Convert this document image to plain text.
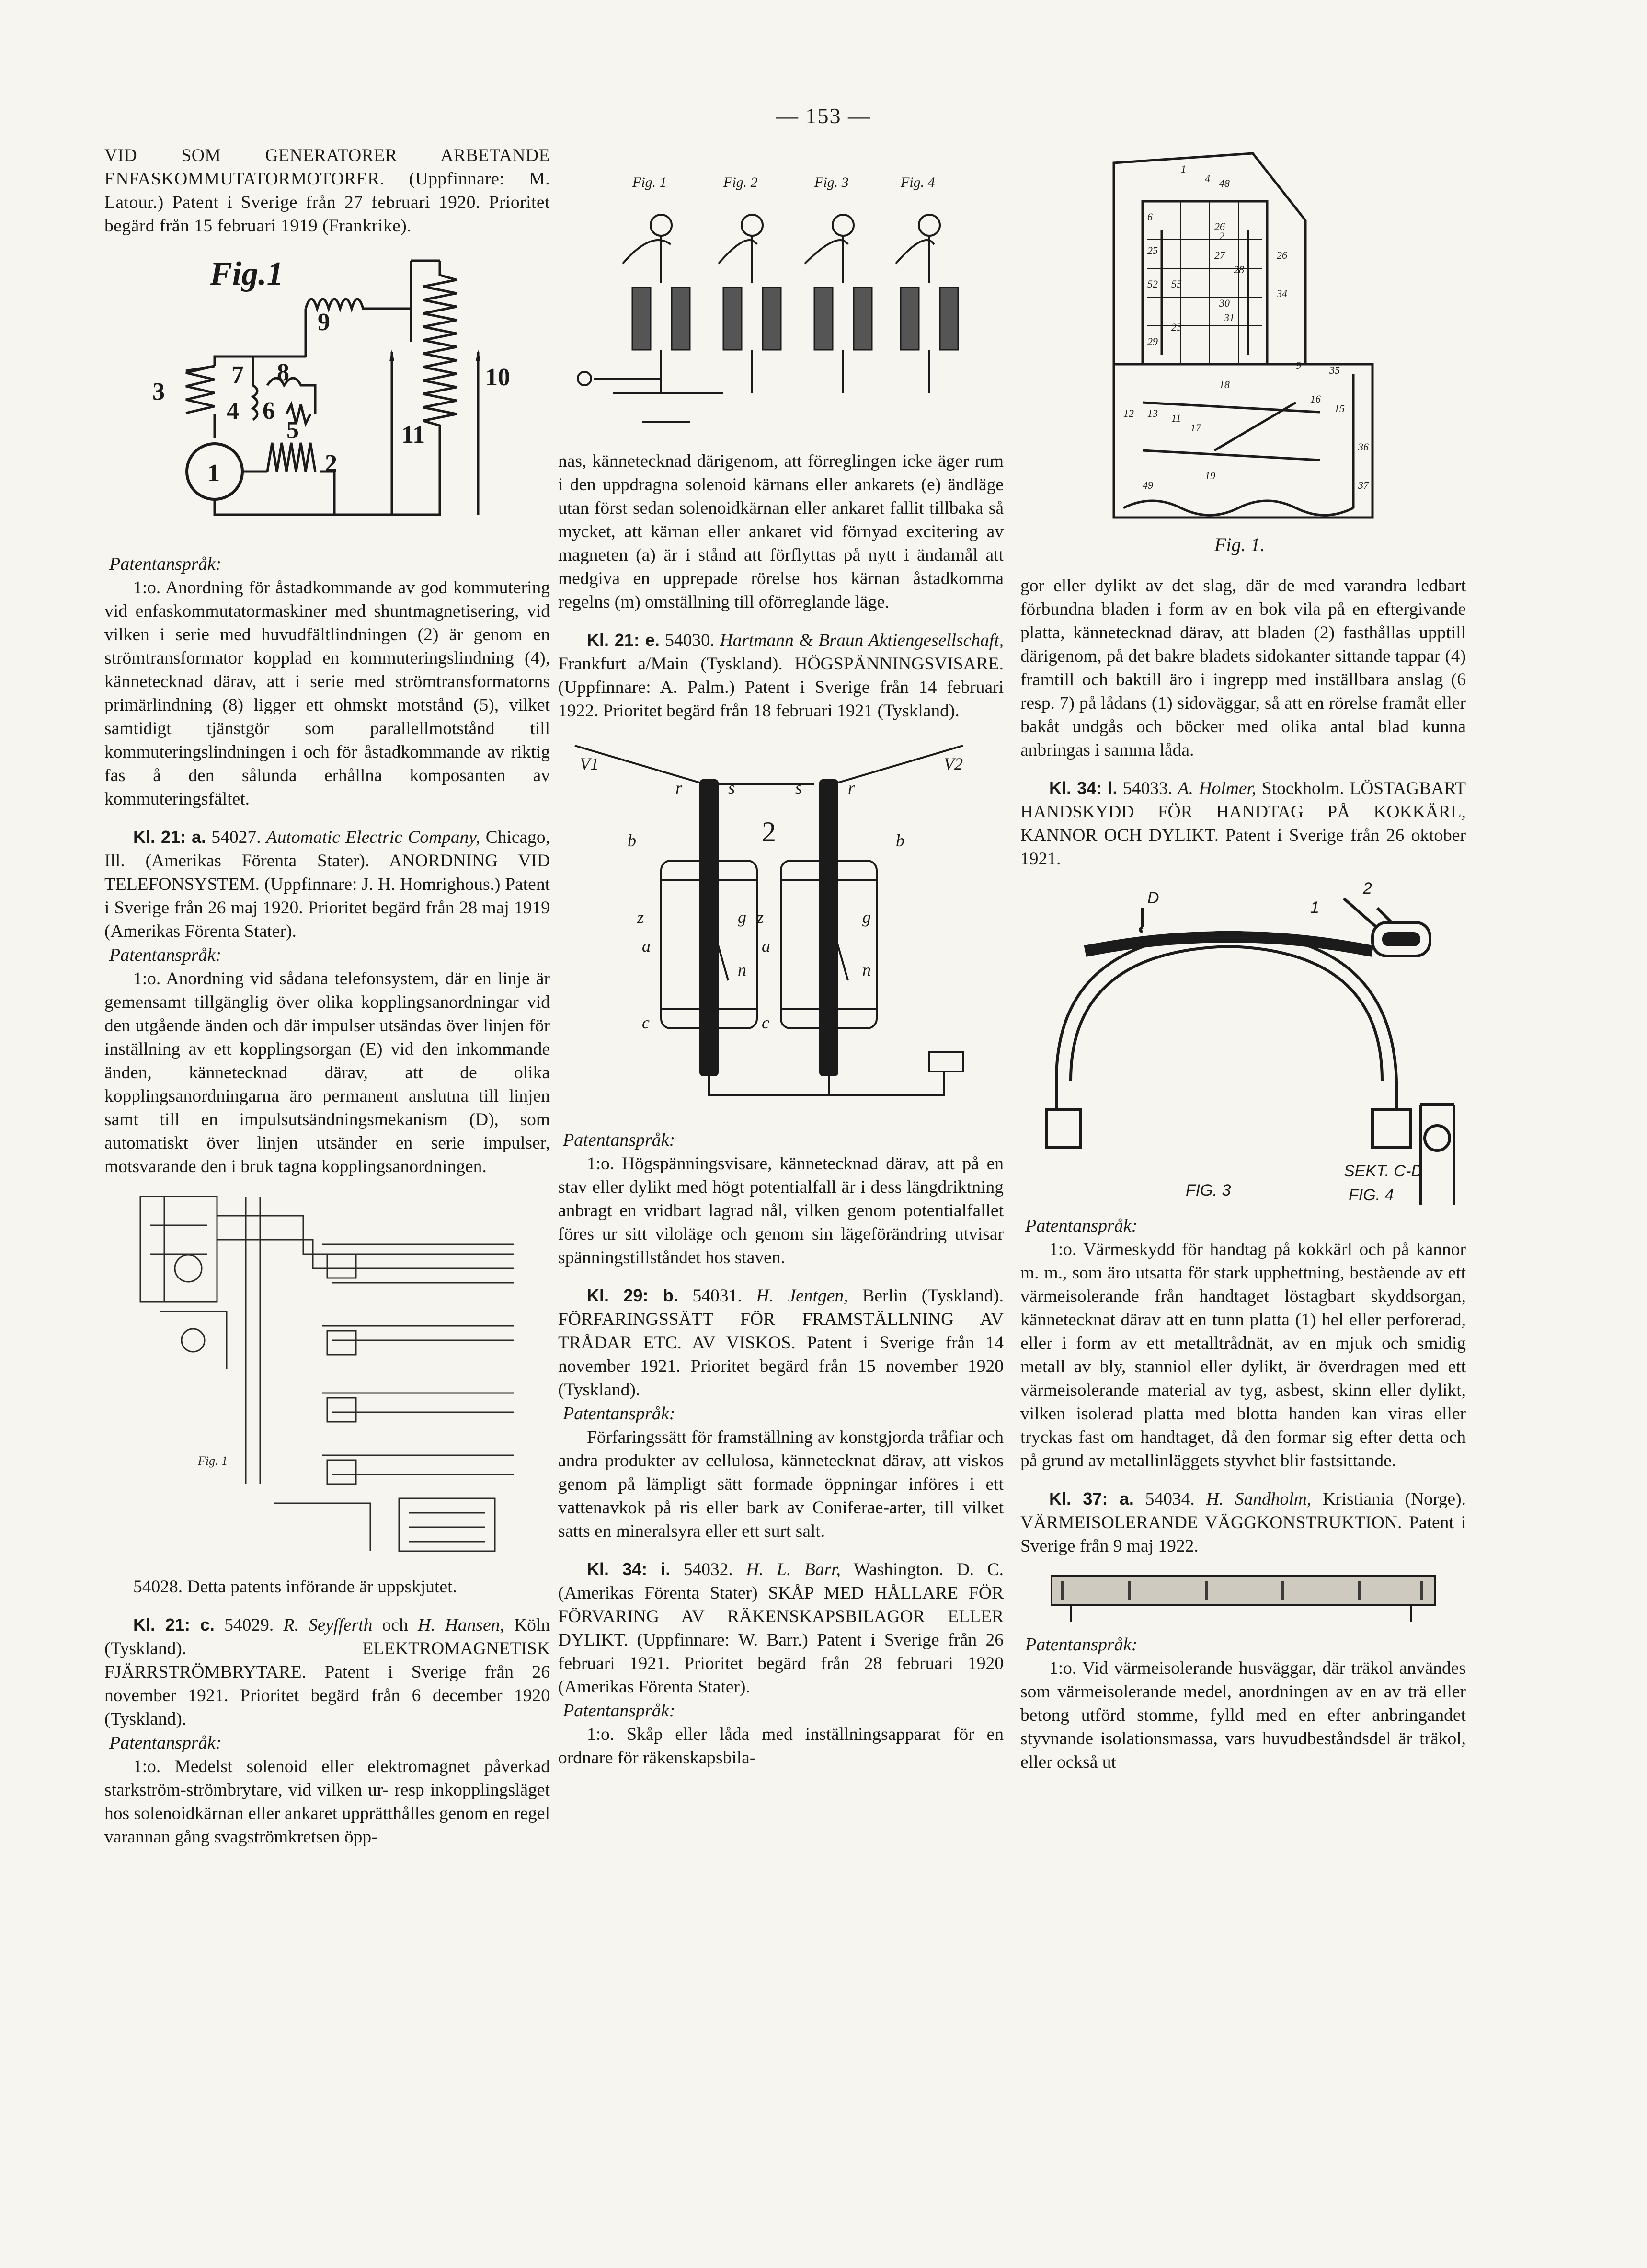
— 153 —

VID SOM GENERATORER ARBETANDE ENFASKOMMUTATORMOTORER. (Uppfinnare: M. Latour.) Patent i Sverige från 27 februari 1920. Prioritet begärd från 15 februari 1919 (Frankrike).

Fig.1
3
7 8
9
4 6
5	11
10
1	2

Patentanspråk:

1:o. Anordning för åstadkommande av god kommutering vid enfaskommutatormaskiner med shuntmagnetisering, vid vilken i serie med huvudfältlindningen (2) är genom en strömtransformator kopplad en kommuteringslindning (4), kännetecknad därav, att i serie med strömtransformatorns primärlindning (8) ligger ett ohmskt motstånd (5), vilket samtidigt tjänstgör som parallellmotstånd till kommuteringslindningen i och för åstadkommande av riktig fas å den sålunda erhållna komposanten av kommuteringsfältet.

Kl. 21: a. 54027. Automatic Electric Company, Chicago, Ill. (Amerikas Förenta Stater). ANORDNING VID TELEFONSYSTEM. (Uppfinnare: J. H. Homrighous.) Patent i Sverige från 26 maj 1920. Prioritet begärd från 28 maj 1919 (Amerikas Förenta Stater).

Patentanspråk:

1:o. Anordning vid sådana telefonsystem, där en linje är gemensamt tillgänglig över olika kopplingsanordningar vid den utgående änden och där impulser utsändas över linjen för inställning av ett kopplingsorgan (E) vid den inkommande änden, kännetecknad därav, att de olika kopplingsanordningarna äro permanent anslutna till linjen samt till en impulsutsändningsmekanism (D), som automatiskt över linjen utsänder en serie impulser, motsvarande den i bruk tagna kopplingsanordningen.

Fig. 1

54028. Detta patents införande är uppskjutet.

Kl. 21: c. 54029. R. Seyfferth och H. Hansen, Köln (Tyskland). ELEKTROMAGNETISK FJÄRRSTRÖMBRYTARE. Patent i Sverige från 26 november 1921. Prioritet begärd från 6 december 1920 (Tyskland).

Patentanspråk:

1:o. Medelst solenoid eller elektromagnet påverkad starkström-strömbrytare, vid vilken ur- resp inkopplingsläget hos solenoidkärnan eller ankaret upprätthålles genom en regel varannan gång svagströmkretsen öpp-

Fig. 1	Fig. 2	Fig. 3	Fig. 4

nas, kännetecknad därigenom, att förreglingen icke äger rum i den uppdragna solenoid kärnans eller ankarets (e) ändläge utan först sedan solenoidkärnan eller ankaret fallit tillbaka så mycket, att kärnan eller ankaret vid förnyad excitering av magneten (a) är i stånd att förflyttas på nytt i ändamål att medgiva en upprepade rörelse hos kärnan åstadkomma regelns (m) omställning till oförreglande läge.

Kl. 21: e. 54030. Hartmann & Braun Aktiengesellschaft, Frankfurt a/Main (Tyskland). HÖGSPÄNNINGSVISARE. (Uppfinnare: A. Palm.) Patent i Sverige från 14 februari 1922. Prioritet begärd från 18 februari 1921 (Tyskland).

V1	V2
r	s	s	r
b	2	b
z	g z	g
a	a
n	n
c	c

Patentanspråk:

1:o. Högspänningsvisare, kännetecknad därav, att på en stav eller dylikt med högt potentialfall är i dess längdriktning anbragt en vridbart lagrad nål, vilken genom potentialfallet föres ur sitt viloläge och genom sin lägeförändring utvisar spänningstillståndet hos staven.

Kl. 29: b. 54031. H. Jentgen, Berlin (Tyskland). FÖRFARINGSSÄTT FÖR FRAMSTÄLLNING AV TRÅDAR ETC. AV VISKOS. Patent i Sverige från 14 november 1921. Prioritet begärd från 15 november 1920 (Tyskland).

Patentanspråk:

Förfaringssätt för framställning av konstgjorda tråfiar och andra produkter av cellulosa, kännetecknat därav, att viskos genom på lämpligt sätt formade öppningar införes i ett vattenavkok på ris eller bark av Coniferae-arter, till vilket satts en mineralsyra eller ett surt salt.

Kl. 34: i. 54032. H. L. Barr, Washington. D. C. (Amerikas Förenta Stater) SKÅP MED HÅLLARE FÖR FÖRVARING AV RÄKENSKAPSBILAGOR ELLER DYLIKT. (Uppfinnare: W. Barr.) Patent i Sverige från 26 februari 1921. Prioritet begärd från 28 februari 1920 (Amerikas Förenta Stater).

Patentanspråk:

1:o. Skåp eller låda med inställningsapparat för en ordnare för räkenskapsbila-

1
4 48
6
26
2
25	27
28
26
52 55
34
30
31
23
29
9	35
18
16
15
12 13 11
17
36
49
19
37
Fig. 1.

gor eller dylikt av det slag, där de med varandra ledbart förbundna bladen i form av en bok vila på en eftergivande platta, kännetecknad därav, att bladen (2) fasthållas upptill därigenom, på det bakre bladets sidokanter sittande tappar (4) framtill och baktill äro i ingrepp med inställbara anslag (6 resp. 7) på lådans (1) sidoväggar, så att en rörelse framåt eller bakåt undgås och böcker med olika antal blad kunna anbringas i samma låda.

Kl. 34: l. 54033. A. Holmer, Stockholm. LÖSTAGBART HANDSKYDD FÖR HANDTAG PÅ KOKKÄRL, KANNOR OCH DYLIKT. Patent i Sverige från 26 oktober 1921.

D
1
2
SEKT. C-D
FIG. 3	FIG. 4

Patentanspråk:

1:o. Värmeskydd för handtag på kokkärl och på kannor m. m., som äro utsatta för stark upphettning, bestående av ett värmeisolerande från handtaget löstagbart skyddsorgan, kännetecknat därav att en tunn platta (1) hel eller perforerad, eller i form av ett metalltrådnät, av en mjuk och smidig metall av bly, stanniol eller dylikt, är överdragen med ett värmeisolerande material av tyg, asbest, skinn eller dylikt, vilken isolerad platta med blotta handen kan viras eller tryckas fast om handtaget, då den formar sig efter detta och på grund av metallinläggets styvhet blir fastsittande.

Kl. 37: a. 54034. H. Sandholm, Kristiania (Norge). VÄRMEISOLERANDE VÄGGKONSTRUKTION. Patent i Sverige från 9 maj 1922.

Patentanspråk:

1:o. Vid värmeisolerande husväggar, där träkol användes som värmeisolerande medel, anordningen av en av trä eller betong utförd stomme, fylld med en efter anbringandet styvnande isolationsmassa, vars huvudbeståndsdel är träkol, eller också ut
